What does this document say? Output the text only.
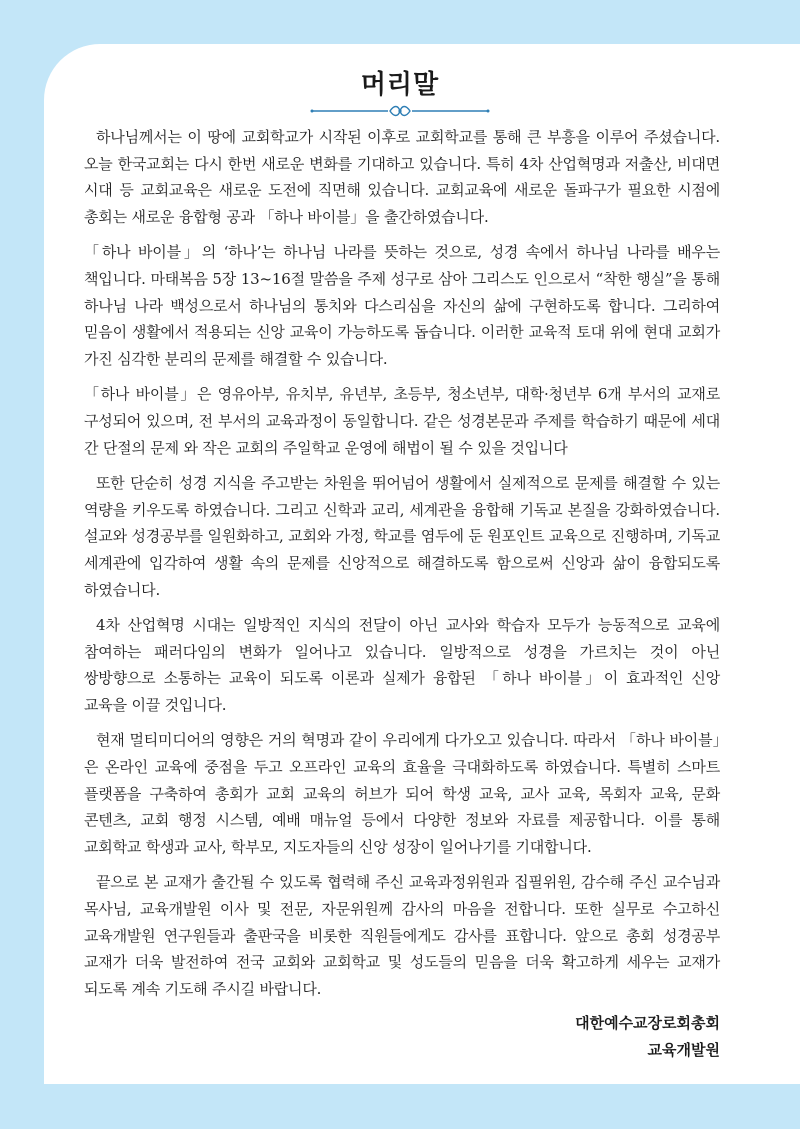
머리말

하나님께서는 이 땅에 교회학교가 시작된 이후로 교회학교를 통해 큰 부흥을 이루어 주셨습니다. 오늘 한국교회는 다시 한번 새로운 변화를 기대하고 있습니다. 특히 4차 산업혁명과 저출산, 비대면 시대 등 교회교육은 새로운 도전에 직면해 있습니다. 교회교육에 새로운 돌파구가 필요한 시점에 총회는 새로운 융합형 공과 「하나 바이블」을 출간하였습니다.

「하나 바이블」의 ‘하나’는 하나님 나라를 뜻하는 것으로, 성경 속에서 하나님 나라를 배우는 책입니다. 마태복음 5장 13~16절 말씀을 주제 성구로 삼아 그리스도 인으로서 “착한 행실”을 통해 하나님 나라 백성으로서 하나님의 통치와 다스리심을 자신의 삶에 구현하도록 합니다. 그리하여 믿음이 생활에서 적용되는 신앙 교육이 가능하도록 돕습니다. 이러한 교육적 토대 위에 현대 교회가 가진 심각한 분리의 문제를 해결할 수 있습니다.

「하나 바이블」은 영유아부, 유치부, 유년부, 초등부, 청소년부, 대학·청년부 6개 부서의 교재로 구성되어 있으며, 전 부서의 교육과정이 동일합니다. 같은 성경본문과 주제를 학습하기 때문에 세대 간 단절의 문제 와 작은 교회의 주일학교 운영에 해법이 될 수 있을 것입니다

또한 단순히 성경 지식을 주고받는 차원을 뛰어넘어 생활에서 실제적으로 문제를 해결할 수 있는 역량을 키우도록 하였습니다. 그리고 신학과 교리, 세계관을 융합해 기독교 본질을 강화하였습니다. 설교와 성경공부를 일원화하고, 교회와 가정, 학교를 염두에 둔 원포인트 교육으로 진행하며, 기독교 세계관에 입각하여 생활 속의 문제를 신앙적으로 해결하도록 함으로써 신앙과 삶이 융합되도록 하였습니다.

4차 산업혁명 시대는 일방적인 지식의 전달이 아닌 교사와 학습자 모두가 능동적으로 교육에 참여하는 패러다임의 변화가 일어나고 있습니다. 일방적으로 성경을 가르치는 것이 아닌 쌍방향으로 소통하는 교육이 되도록 이론과 실제가 융합된 「하나 바이블」이 효과적인 신앙 교육을 이끌 것입니다.

현재 멀티미디어의 영향은 거의 혁명과 같이 우리에게 다가오고 있습니다. 따라서 「하나 바이블」은 온라인 교육에 중점을 두고 오프라인 교육의 효율을 극대화하도록 하였습니다. 특별히 스마트 플랫폼을 구축하여 총회가 교회 교육의 허브가 되어 학생 교육, 교사 교육, 목회자 교육, 문화 콘텐츠, 교회 행정 시스템, 예배 매뉴얼 등에서 다양한 정보와 자료를 제공합니다. 이를 통해 교회학교 학생과 교사, 학부모, 지도자들의 신앙 성장이 일어나기를 기대합니다.

끝으로 본 교재가 출간될 수 있도록 협력해 주신 교육과정위원과 집필위원, 감수해 주신 교수님과 목사님, 교육개발원 이사 및 전문, 자문위원께 감사의 마음을 전합니다. 또한 실무로 수고하신 교육개발원 연구원들과 출판국을 비롯한 직원들에게도 감사를 표합니다. 앞으로 총회 성경공부 교재가 더욱 발전하여 전국 교회와 교회학교 및 성도들의 믿음을 더욱 확고하게 세우는 교재가 되도록 계속 기도해 주시길 바랍니다.

대한예수교장로회총회
교육개발원
